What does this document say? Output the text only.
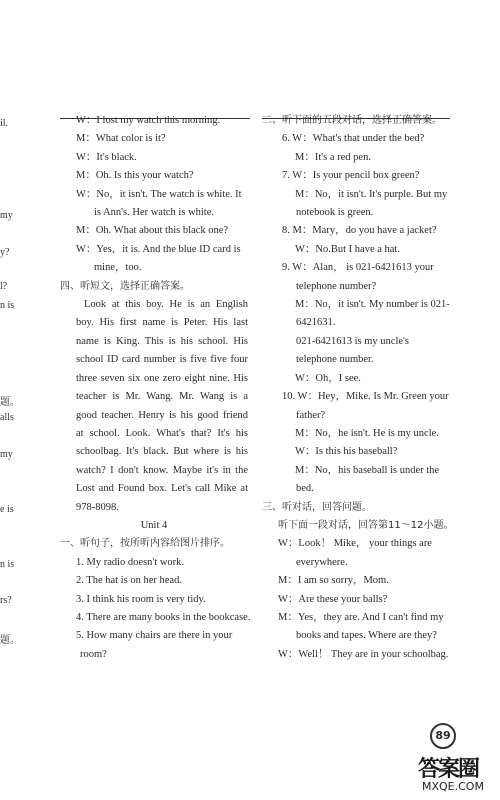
il.
my
y?
l?
n is
题。
alls
my
e is
n is
rs?
题。
W：I lost my watch this morning.
M：What color is it?
W：It's black.
M：Oh. Is this your watch?
W：No，it isn't. The watch is white. It
is Ann's. Her watch is white.
M：Oh. What about this black one?
W：Yes，it is. And the blue ID card is
mine，too.
四、听短文，选择正确答案。
Look at this boy. He is an English
boy. His first name is Peter. His last
name is King. This is his school. His
school ID card number is five five four
three seven six one zero eight nine. His
teacher is Mr. Wang. Mr. Wang is a
good teacher. Henry is his good friend
at school. Look. What's that? It's his
schoolbag. It's black. But where is his
watch? I don't know. Maybe it's in the
Lost and Found box. Let's call Mike at
978-8098.
Unit 4
一、听句子，按所听内容给图片排序。
1. My radio doesn't work.
2. The hat is on her head.
3. I think his room is very tidy.
4. There are many books in the bookcase.
5. How many chairs are there in your
room?
二、听下面的五段对话，选择正确答案。
6. W：What's that under the bed?
M：It's a red pen.
7. W：Is your pencil box green?
M：No，it isn't. It's purple. But my
notebook is green.
8. M：Mary，do you have a jacket?
W：No.But I have a hat.
9. W：Alan， is 021-6421613 your
telephone number?
M：No，it isn't. My number is 021-
6421631.
021-6421613 is my uncle's
telephone number.
W：Oh，I see.
10. W：Hey，Mike. Is Mr. Green your
father?
M：No，he isn't. He is my uncle.
W：Is this his baseball?
M：No，his baseball is under the
bed.
三、听对话，回答问题。
听下面一段对话，回答第11～12小题。
W：Look！ Mike， your things are
everywhere.
M：I am so sorry，Mom.
W：Are these your balls?
M：Yes，they are. And I can't find my
books and tapes. Where are they?
W：Well！ They are in your schoolbag.
89
答案圈
MXQE.COM
